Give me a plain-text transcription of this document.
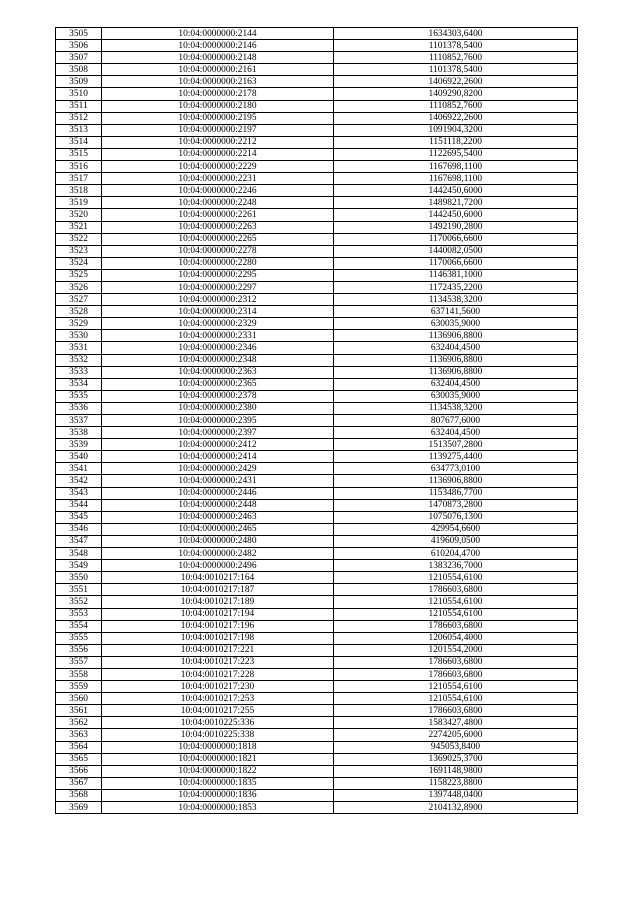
3505	10:04:0000000:2144	1634303,6400
3506	10:04:0000000:2146	1101378,5400
3507	10:04:0000000:2148	1110852,7600
3508	10:04:0000000:2161	1101378,5400
3509	10:04:0000000:2163	1406922,2600
3510	10:04:0000000:2178	1409290,8200
3511	10:04:0000000:2180	1110852,7600
3512	10:04:0000000:2195	1406922,2600
3513	10:04:0000000:2197	1091904,3200
3514	10:04:0000000:2212	1151118,2200
3515	10:04:0000000:2214	1122695,5400
3516	10:04:0000000:2229	1167698,1100
3517	10:04:0000000:2231	1167698,1100
3518	10:04:0000000:2246	1442450,6000
3519	10:04:0000000:2248	1489821,7200
3520	10:04:0000000:2261	1442450,6000
3521	10:04:0000000:2263	1492190,2800
3522	10:04:0000000:2265	1170066,6600
3523	10:04:0000000:2278	1440082,0500
3524	10:04:0000000:2280	1170066,6600
3525	10:04:0000000:2295	1146381,1000
3526	10:04:0000000:2297	1172435,2200
3527	10:04:0000000:2312	1134538,3200
3528	10:04:0000000:2314	637141,5600
3529	10:04:0000000:2329	630035,9000
3530	10:04:0000000:2331	1136906,8800
3531	10:04:0000000:2346	632404,4500
3532	10:04:0000000:2348	1136906,8800
3533	10:04:0000000:2363	1136906,8800
3534	10:04:0000000:2365	632404,4500
3535	10:04:0000000:2378	630035,9000
3536	10:04:0000000:2380	1134538,3200
3537	10:04:0000000:2395	807677,6000
3538	10:04:0000000:2397	632404,4500
3539	10:04:0000000:2412	1513507,2800
3540	10:04:0000000:2414	1139275,4400
3541	10:04:0000000:2429	634773,0100
3542	10:04:0000000:2431	1136906,8800
3543	10:04:0000000:2446	1153486,7700
3544	10:04:0000000:2448	1470873,2800
3545	10:04:0000000:2463	1075076,1300
3546	10:04:0000000:2465	429954,6600
3547	10:04:0000000:2480	419609,0500
3548	10:04:0000000:2482	610204,4700
3549	10:04:0000000:2496	1383236,7000
3550	10:04:0010217:164	1210554,6100
3551	10:04:0010217:187	1786603,6800
3552	10:04:0010217:189	1210554,6100
3553	10:04:0010217:194	1210554,6100
3554	10:04:0010217:196	1786603,6800
3555	10:04:0010217:198	1206054,4000
3556	10:04:0010217:221	1201554,2000
3557	10:04:0010217:223	1786603,6800
3558	10:04:0010217:228	1786603,6800
3559	10:04:0010217:230	1210554,6100
3560	10:04:0010217:253	1210554,6100
3561	10:04:0010217:255	1786603,6800
3562	10:04:0010225:336	1583427,4800
3563	10:04:0010225:338	2274205,6000
3564	10:04:0000000:1818	945053,8400
3565	10:04:0000000:1821	1369025,3700
3566	10:04:0000000:1822	1691148,9800
3567	10:04:0000000:1835	1158223,8800
3568	10:04:0000000:1836	1397448,0400
3569	10:04:0000000:1853	2104132,8900
